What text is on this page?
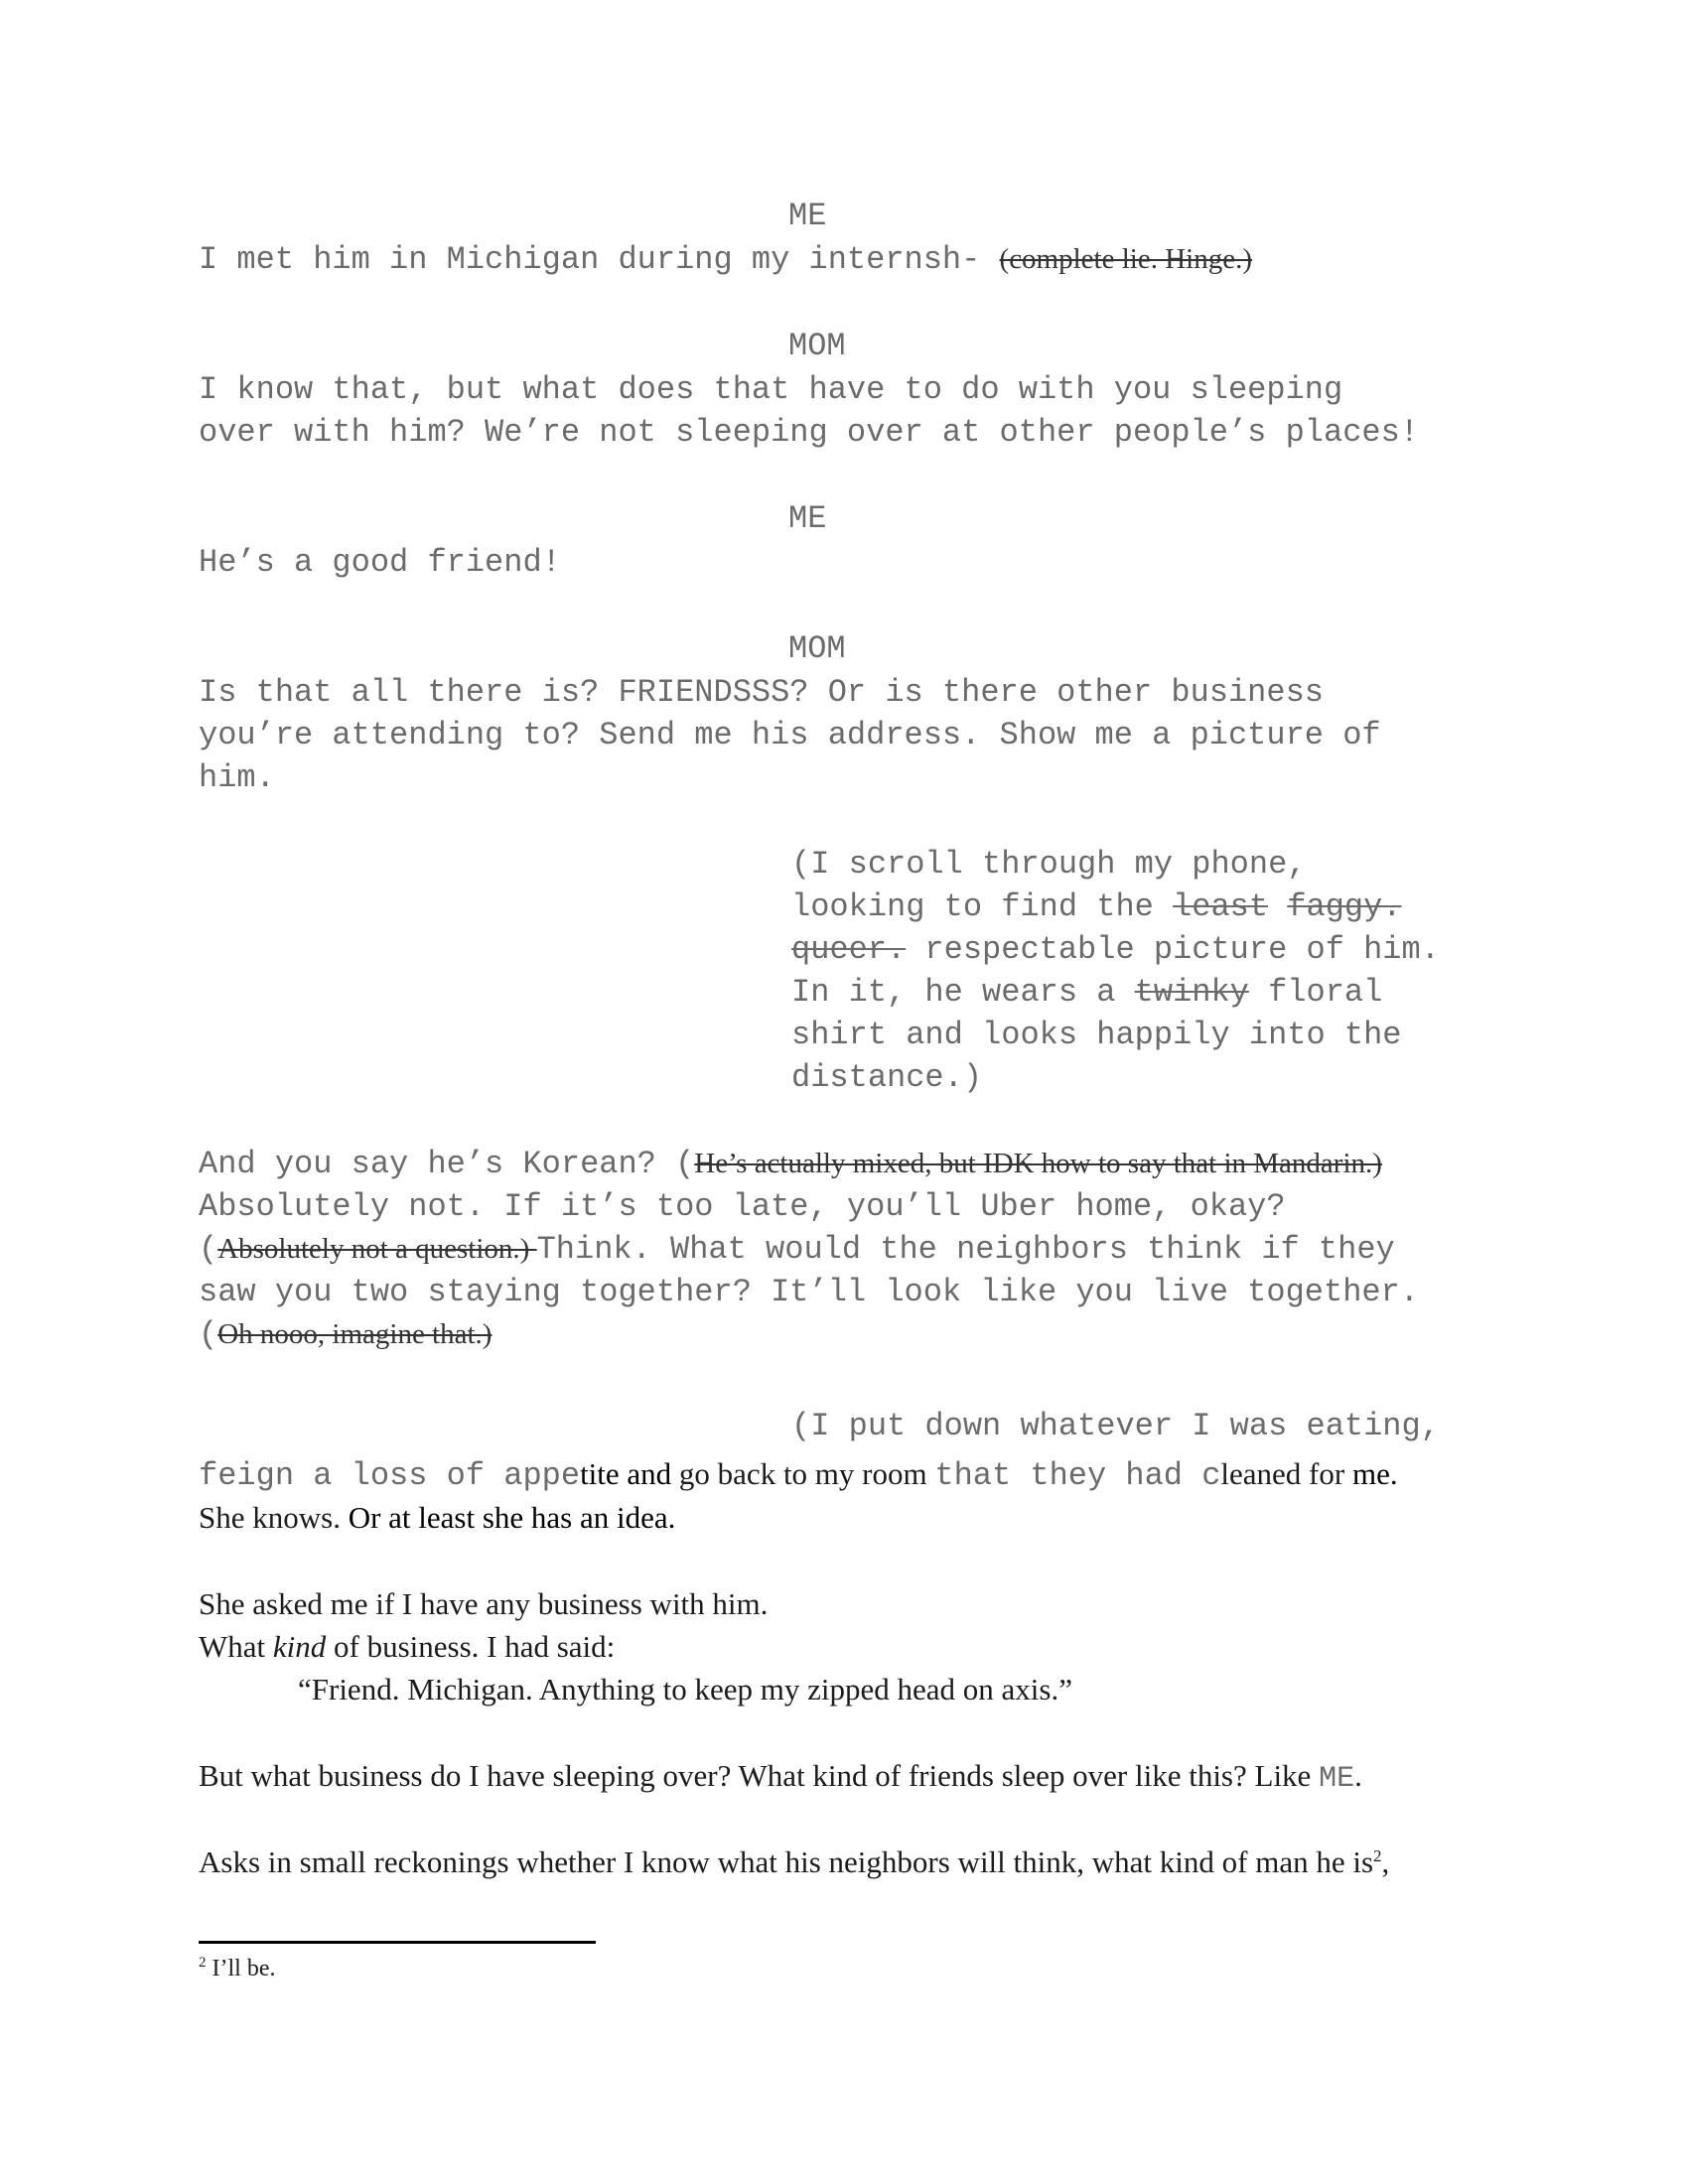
ME
I met him in Michigan during my internsh- (complete lie. Hinge.)
MOM
I know that, but what does that have to do with you sleeping
over with him? We’re not sleeping over at other people’s places!
ME
He’s a good friend!
MOM
Is that all there is? FRIENDSSS? Or is there other business
you’re attending to? Send me his address. Show me a picture of
him.
(I scroll through my phone,
looking to find the least faggy.
queer. respectable picture of him.
In it, he wears a twinky floral
shirt and looks happily into the
distance.)
And you say he’s Korean? (He’s actually mixed, but IDK how to say that in Mandarin.)
Absolutely not. If it’s too late, you’ll Uber home, okay?
(Absolutely not a question.) Think. What would the neighbors think if they
saw you two staying together? It’ll look like you live together.
(Oh nooo, imagine that.)
(I put down whatever I was eating,
feign a loss of appetite and go back to my room that they had cleaned for me.
She knows. Or at least she has an idea.
She asked me if I have any business with him.
What kind of business. I had said:
“Friend. Michigan. Anything to keep my zipped head on axis.”
But what business do I have sleeping over? What kind of friends sleep over like this? Like ME.
Asks in small reckonings whether I know what his neighbors will think, what kind of man he $is^2$,
$^2$ I’ll be.
